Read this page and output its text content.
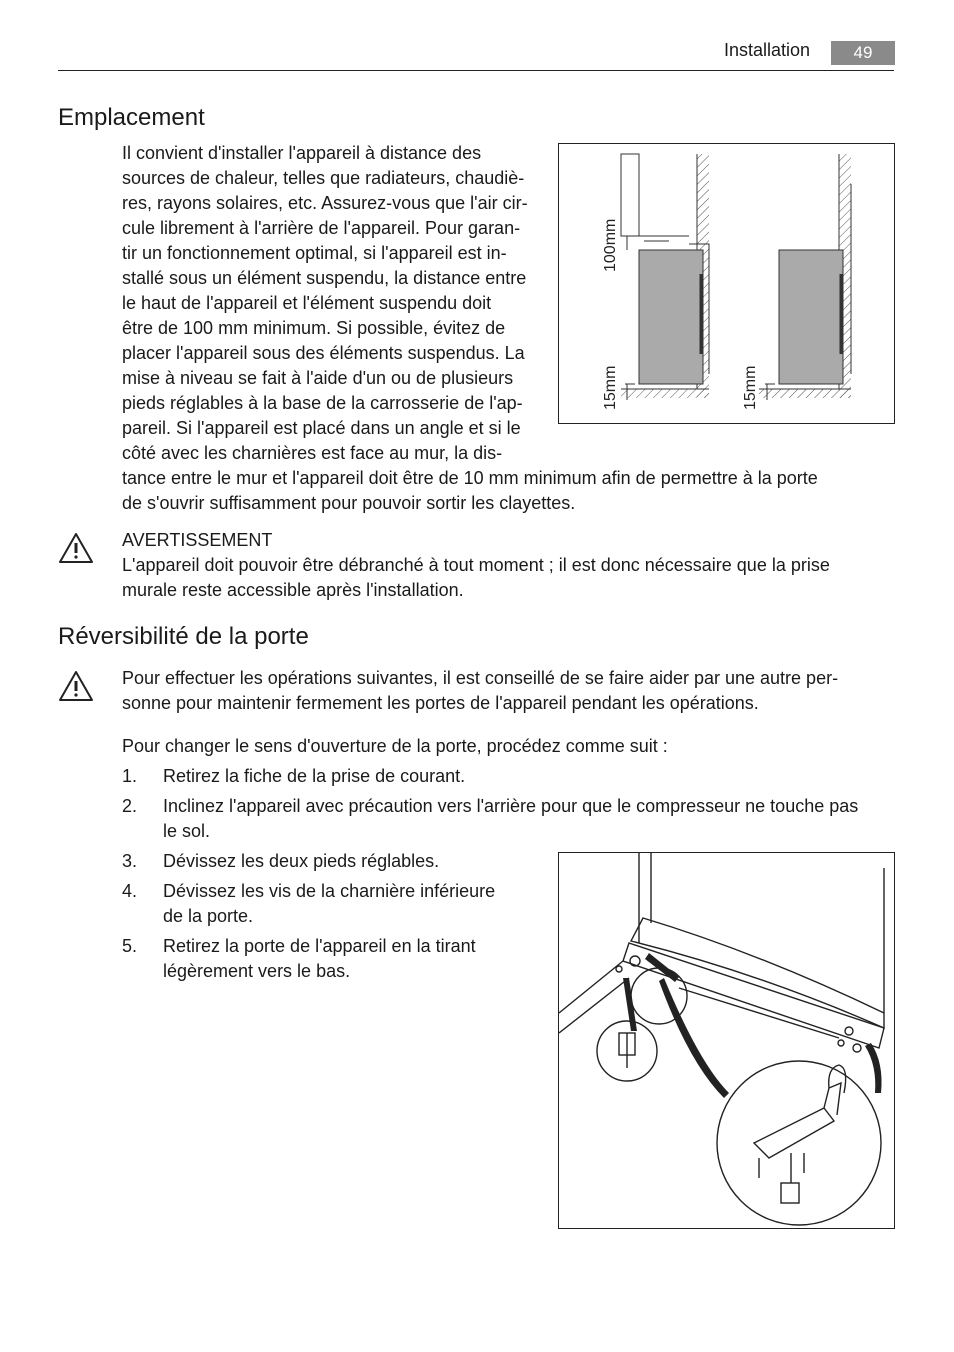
Installation	49
Emplacement
Il convient d'installer l'appareil à distance des
sources de chaleur, telles que radiateurs, chaudiè-
res, rayons solaires, etc. Assurez-vous que l'air cir-
cule librement à l'arrière de l'appareil. Pour garan-
tir un fonctionnement optimal, si l'appareil est in-
stallé sous un élément suspendu, la distance entre
le haut de l'appareil et l'élément suspendu doit
être de 100 mm minimum. Si possible, évitez de
placer l'appareil sous des éléments suspendus. La
mise à niveau se fait à l'aide d'un ou de plusieurs
pieds réglables à la base de la carrosserie de l'ap-
pareil. Si l'appareil est placé dans un angle et si le
côté avec les charnières est face au mur, la dis-
tance entre le mur et l'appareil doit être de 10 mm minimum afin de permettre à la porte
de s'ouvrir suffisamment pour pouvoir sortir les clayettes.
100mm
15mm	15mm
AVERTISSEMENT
L'appareil doit pouvoir être débranché à tout moment ; il est donc nécessaire que la prise
murale reste accessible après l'installation.
Réversibilité de la porte
Pour effectuer les opérations suivantes, il est conseillé de se faire aider par une autre per-
sonne pour maintenir fermement les portes de l'appareil pendant les opérations.
Pour changer le sens d'ouverture de la porte, procédez comme suit :
1.	Retirez la fiche de la prise de courant.
2.	Inclinez l'appareil avec précaution vers l'arrière pour que le compresseur ne touche pas
le sol.
3.	Dévissez les deux pieds réglables.
4.	Dévissez les vis de la charnière inférieure
de la porte.
5.	Retirez la porte de l'appareil en la tirant
légèrement vers le bas.
